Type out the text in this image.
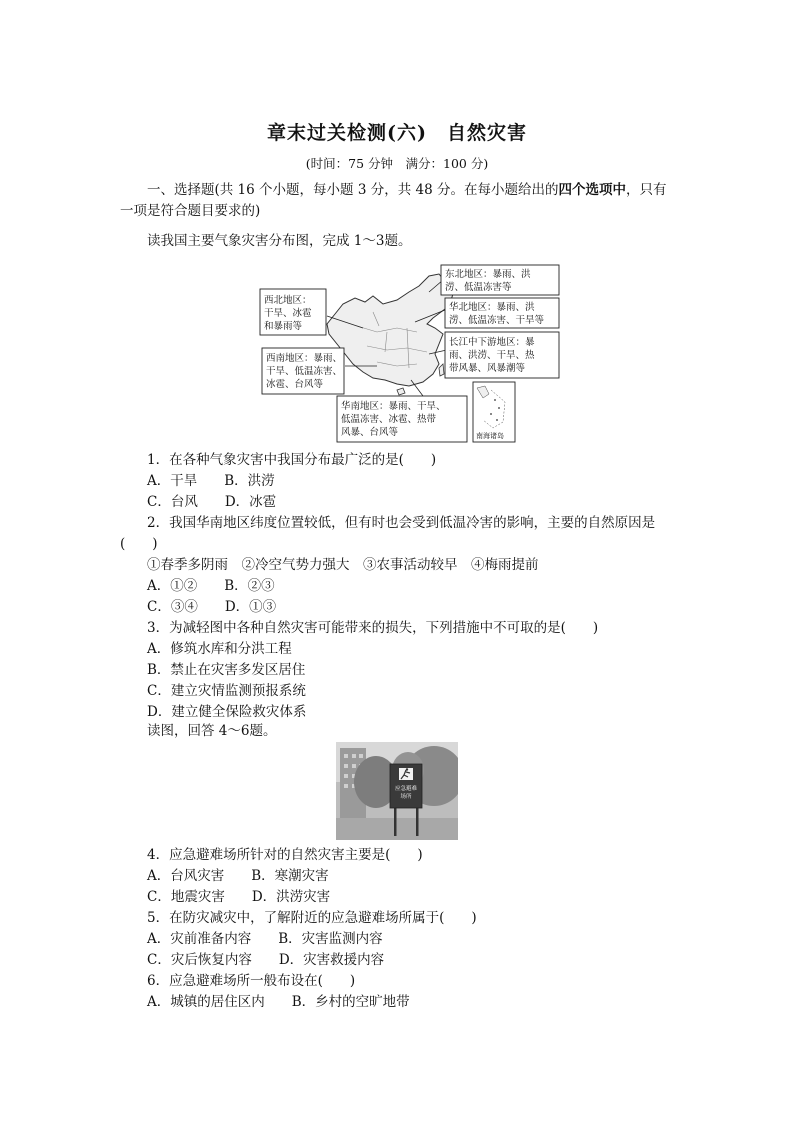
章末过关检测(六)　自然灾害
(时间：75 分钟　满分：100 分)
一、选择题(共 16 个小题，每小题 3 分，共 48 分。在每小题给出的四个选项中，只有
一项是符合题目要求的)
读我国主要气象灾害分布图，完成 1～3题。
西北地区：
干旱、冰雹
和暴雨等
东北地区：暴雨、洪
涝、低温冻害等
华北地区：暴雨、洪
涝、低温冻害、干旱等
长江中下游地区：暴
雨、洪涝、干旱、热
带风暴、风暴潮等
西南地区：暴雨、
干旱、低温冻害、
冰雹、台风等
华南地区：暴雨、干旱、
低温冻害、冰雹、热带
风暴、台风等	南海诸岛
1．在各种气象灾害中我国分布最广泛的是(　　)
A．干旱　　B．洪涝
C．台风　　D．冰雹
2．我国华南地区纬度位置较低，但有时也会受到低温冷害的影响，主要的自然原因是
(　　)
①春季多阴雨　②冷空气势力强大　③农事活动较早　④梅雨提前
A．①②　　B．②③
C．③④　　D．①③
3．为减轻图中各种自然灾害可能带来的损失，下列措施中不可取的是(　　)
A．修筑水库和分洪工程
B．禁止在灾害多发区居住
C．建立灾情监测预报系统
D．建立健全保险救灾体系
读图，回答 4～6题。
应急避难
场所
4．应急避难场所针对的自然灾害主要是(　　)
A．台风灾害　　B．寒潮灾害
C．地震灾害　　D．洪涝灾害
5．在防灾减灾中，了解附近的应急避难场所属于(　　)
A．灾前准备内容　　B．灾害监测内容
C．灾后恢复内容　　D．灾害救援内容
6．应急避难场所一般布设在(　　)
A．城镇的居住区内　　B．乡村的空旷地带
